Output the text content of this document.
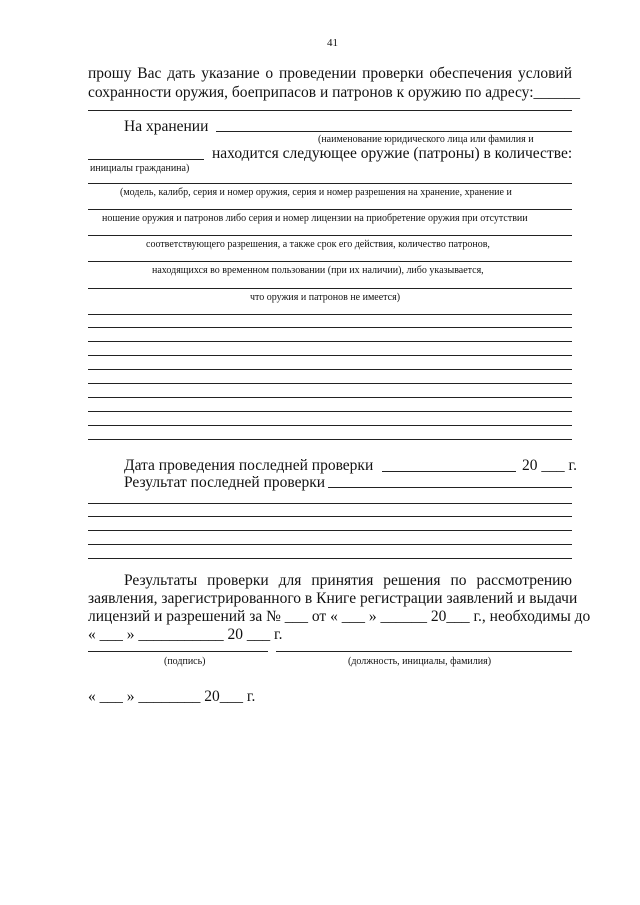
41
прошу Вас дать указание о проведении проверки обеспечения условий
сохранности оружия, боеприпасов и патронов к оружию по адресу:______
На хранении
(наименование юридического лица или фамилия и
находится следующее оружие (патроны) в количестве:
инициалы гражданина)
(модель, калибр, серия и номер оружия, серия и номер разрешения на хранение, хранение и
ношение оружия и патронов либо серия и номер лицензии на приобретение оружия при отсутствии
соответствующего разрешения, а также срок его действия, количество патронов,
находящихся во временном пользовании (при их наличии), либо указывается,
что оружия и патронов не имеется)
Дата проведения последней проверки	20 ___ г.
Результат последней проверки
Результаты проверки для принятия решения по рассмотрению
заявления, зарегистрированного в Книге регистрации заявлений и выдачи
лицензий и разрешений за № ___ от « ___ » ______ 20___ г., необходимы до
« ___ » ___________ 20 ___ г.
(подпись)	(должность, инициалы, фамилия)
« ___ » ________ 20___ г.
